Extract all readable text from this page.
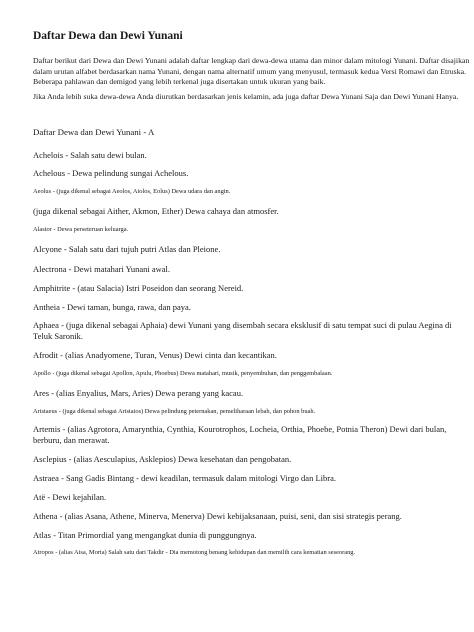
Daftar Dewa dan Dewi Yunani

Daftar berikut dari Dewa dan Dewi Yunani adalah daftar lengkap dari dewa-dewa utama dan minor dalam mitologi Yunani. Daftar disajikan dalam urutan alfabet berdasarkan nama Yunani, dengan nama alternatif umum yang menyusul, termasuk kedua Versi Romawi dan Etruska. Beberapa pahlawan dan demigod yang lebih terkenal juga disertakan untuk ukuran yang baik.

Jika Anda lebih suka dewa-dewa Anda diurutkan berdasarkan jenis kelamin, ada juga daftar Dewa Yunani Saja dan Dewi Yunani Hanya.

Daftar Dewa dan Dewi Yunani - A

Achelois - Salah satu dewi bulan.

Achelous - Dewa pelindung sungai Achelous.

Aeolus - (juga dikenal sebagai Aeolos, Aiolos, Eolus) Dewa udara dan angin.

(juga dikenal sebagai Aither, Akmon, Ether) Dewa cahaya dan atmosfer.

Alastor - Dewa perseteruan keluarga.

Alcyone - Salah satu dari tujuh putri Atlas dan Pleione.

Alectrona - Dewi matahari Yunani awal.

Amphitrite - (atau Salacia) Istri Poseidon dan seorang Nereid.

Antheia - Dewi taman, bunga, rawa, dan paya.

Aphaea - (juga dikenal sebagai Aphaia) dewi Yunani yang disembah secara eksklusif di satu tempat suci di pulau Aegina di Teluk Saronik.

Afrodit - (alias Anadyomene, Turan, Venus) Dewi cinta dan kecantikan.

Apollo - (juga dikenal sebagai Apollon, Apulu, Phoebus) Dewa matahari, musik, penyembuhan, dan penggembalaan.

Ares - (alias Enyalius, Mars, Aries) Dewa perang yang kacau.

Aristaeus - (juga dikenal sebagai Aristaios) Dewa pelindung peternakan, pemeliharaan lebah, dan pohon buah.

Artemis - (alias Agrotora, Amarynthia, Cynthia, Kourotrophos, Locheia, Orthia, Phoebe, Potnia Theron) Dewi dari bulan, berburu, dan merawat.

Asclepius - (alias Aesculapius, Asklepios) Dewa kesehatan dan pengobatan.

Astraea - Sang Gadis Bintang - dewi keadilan, termasuk dalam mitologi Virgo dan Libra.

Atë - Dewi kejahilan.

Athena - (alias Asana, Athene, Minerva, Menerva) Dewi kebijaksanaan, puisi, seni, dan sisi strategis perang.

Atlas - Titan Primordial yang mengangkat dunia di punggungnya.

Atropos - (alias Aisa, Morta) Salah satu dari Takdir - Dia memotong benang kehidupan dan memilih cara kematian seseorang.
